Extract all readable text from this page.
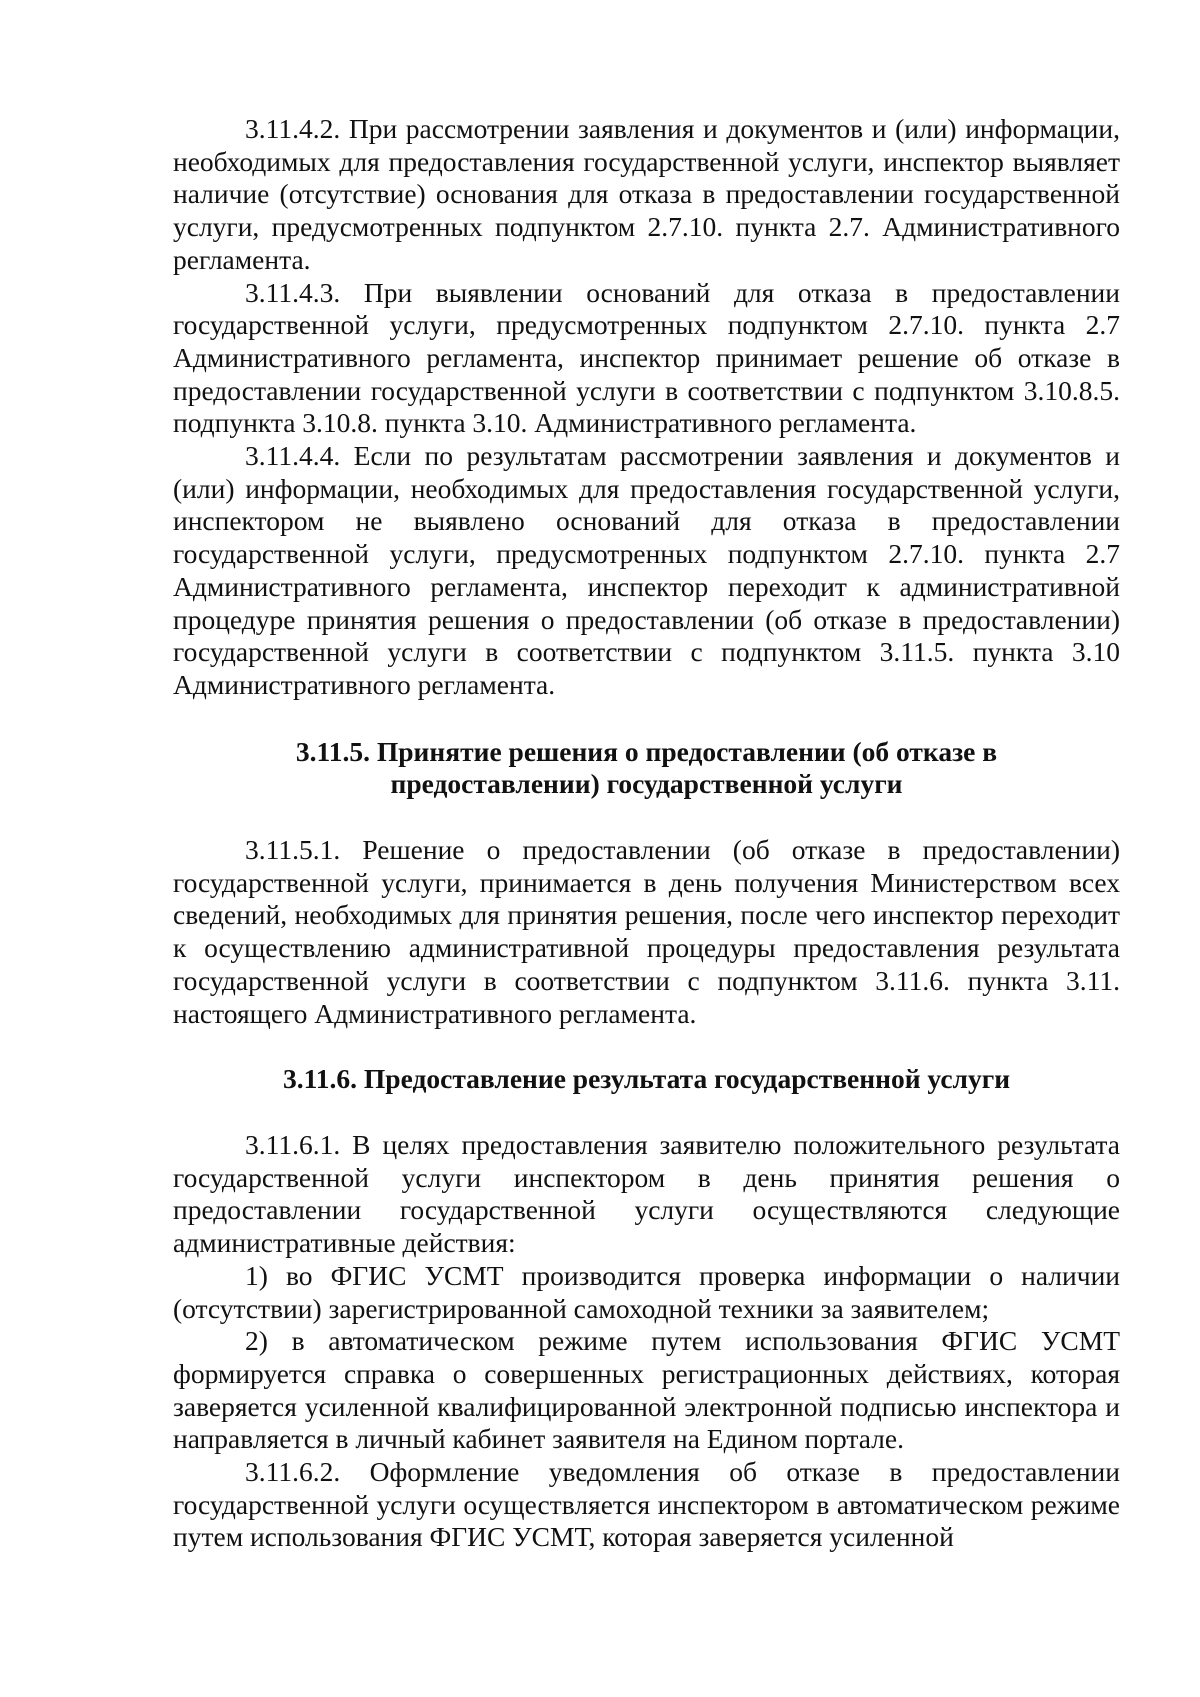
3.11.4.2. При рассмотрении заявления и документов и (или) информации, необходимых для предоставления государственной услуги, инспектор выявляет наличие (отсутствие) основания для отказа в предоставлении государственной услуги, предусмотренных подпунктом 2.7.10. пункта 2.7. Административного регламента.

3.11.4.3. При выявлении оснований для отказа в предоставлении государственной услуги, предусмотренных подпунктом 2.7.10. пункта 2.7 Административного регламента, инспектор принимает решение об отказе в предоставлении государственной услуги в соответствии с подпунктом 3.10.8.5. подпункта 3.10.8. пункта 3.10. Административного регламента.

3.11.4.4. Если по результатам рассмотрении заявления и документов и (или) информации, необходимых для предоставления государственной услуги, инспектором не выявлено оснований для отказа в предоставлении государственной услуги, предусмотренных подпунктом 2.7.10. пункта 2.7 Административного регламента, инспектор переходит к административной процедуре принятия решения о предоставлении (об отказе в предоставлении) государственной услуги в соответствии с подпунктом 3.11.5. пункта 3.10 Административного регламента.

3.11.5. Принятие решения о предоставлении (об отказе в предоставлении) государственной услуги

3.11.5.1. Решение о предоставлении (об отказе в предоставлении) государственной услуги, принимается в день получения Министерством всех сведений, необходимых для принятия решения, после чего инспектор переходит к осуществлению административной процедуры предоставления результата государственной услуги в соответствии с подпунктом 3.11.6. пункта 3.11. настоящего Административного регламента.

3.11.6. Предоставление результата государственной услуги

3.11.6.1. В целях предоставления заявителю положительного результата государственной услуги инспектором в день принятия решения о предоставлении государственной услуги осуществляются следующие административные действия:

1) во ФГИС УСМТ производится проверка информации о наличии (отсутствии) зарегистрированной самоходной техники за заявителем;

2) в автоматическом режиме путем использования ФГИС УСМТ формируется справка о совершенных регистрационных действиях, которая заверяется усиленной квалифицированной электронной подписью инспектора и направляется в личный кабинет заявителя на Едином портале.

3.11.6.2. Оформление уведомления об отказе в предоставлении государственной услуги осуществляется инспектором в автоматическом режиме путем использования ФГИС УСМТ, которая заверяется усиленной
